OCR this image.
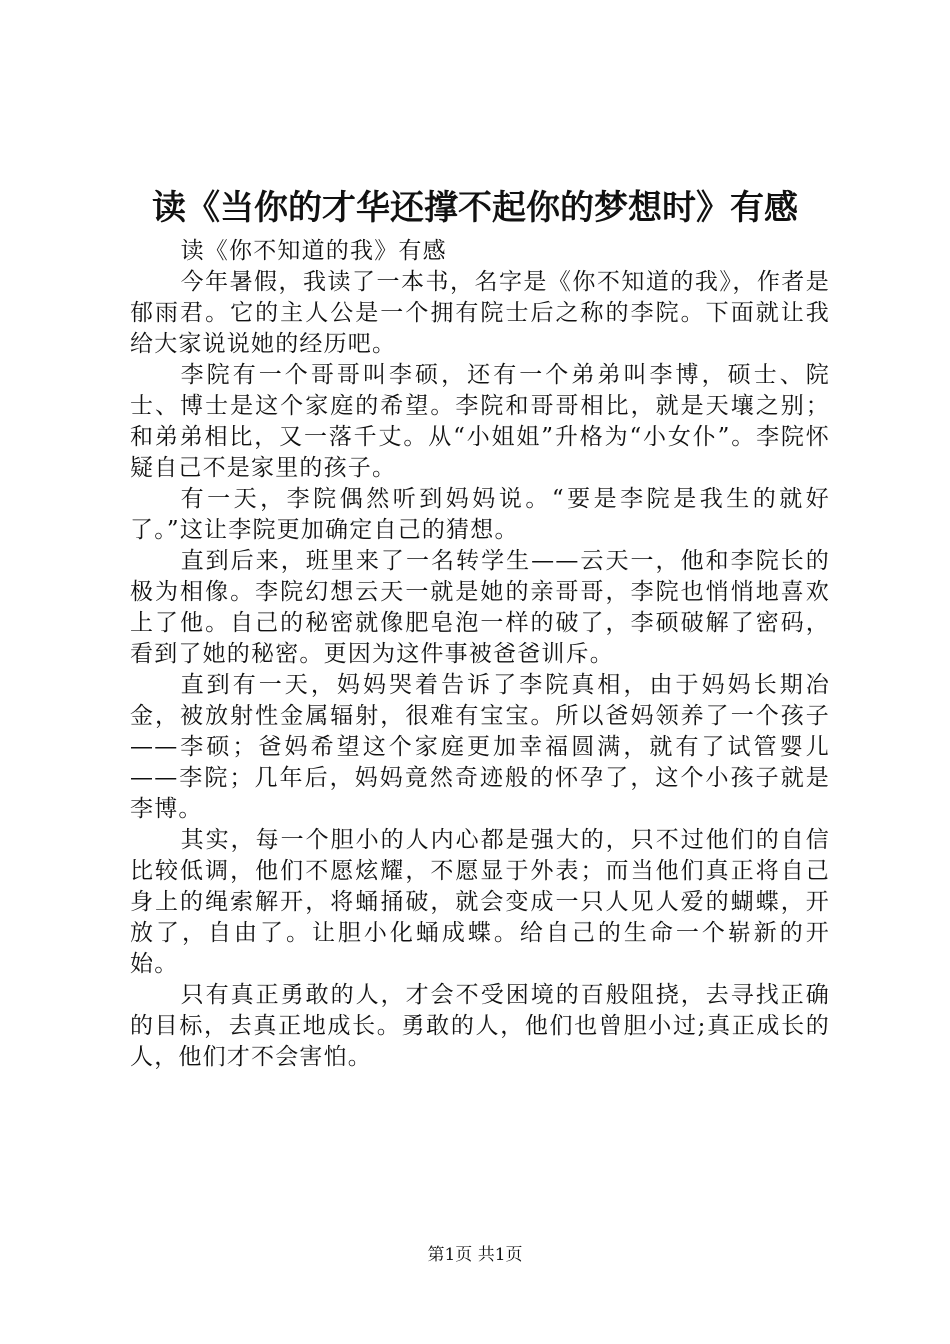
读《当你的才华还撑不起你的梦想时》有感

读《你不知道的我》有感

今年暑假，我读了一本书，名字是《你不知道的我》，作者是郁雨君。它的主人公是一个拥有院士后之称的李院。下面就让我给大家说说她的经历吧。

李院有一个哥哥叫李硕，还有一个弟弟叫李博，硕士、院士、博士是这个家庭的希望。李院和哥哥相比，就是天壤之别；和弟弟相比，又一落千丈。从“小姐姐”升格为“小女仆”。李院怀疑自己不是家里的孩子。

有一天，李院偶然听到妈妈说。“要是李院是我生的就好了。”这让李院更加确定自己的猜想。

直到后来，班里来了一名转学生——云天一，他和李院长的极为相像。李院幻想云天一就是她的亲哥哥，李院也悄悄地喜欢上了他。自己的秘密就像肥皂泡一样的破了，李硕破解了密码，看到了她的秘密。更因为这件事被爸爸训斥。

直到有一天，妈妈哭着告诉了李院真相，由于妈妈长期冶金，被放射性金属辐射，很难有宝宝。所以爸妈领养了一个孩子——李硕；爸妈希望这个家庭更加幸福圆满，就有了试管婴儿——李院；几年后，妈妈竟然奇迹般的怀孕了，这个小孩子就是李博。

其实，每一个胆小的人内心都是强大的，只不过他们的自信比较低调，他们不愿炫耀，不愿显于外表；而当他们真正将自己身上的绳索解开，将蛹捅破，就会变成一只人见人爱的蝴蝶，开放了，自由了。让胆小化蛹成蝶。给自己的生命一个崭新的开始。

只有真正勇敢的人，才会不受困境的百般阻挠，去寻找正确的目标，去真正地成长。勇敢的人，他们也曾胆小过;真正成长的人，他们才不会害怕。

第1页 共1页
